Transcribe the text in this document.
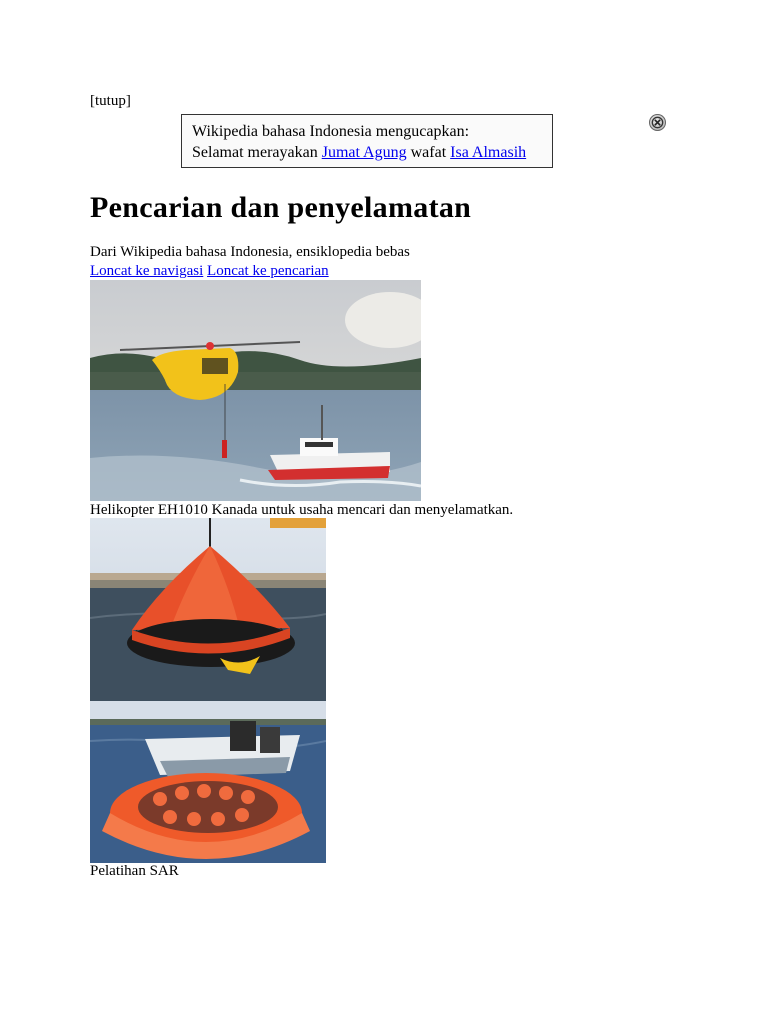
[tutup]
Wikipedia bahasa Indonesia mengucapkan:
Selamat merayakan Jumat Agung wafat Isa Almasih
Pencarian dan penyelamatan
Dari Wikipedia bahasa Indonesia, ensiklopedia bebas
Loncat ke navigasi Loncat ke pencarian
Helikopter EH1010 Kanada untuk usaha mencari dan menyelamatkan.
Pelatihan SAR
